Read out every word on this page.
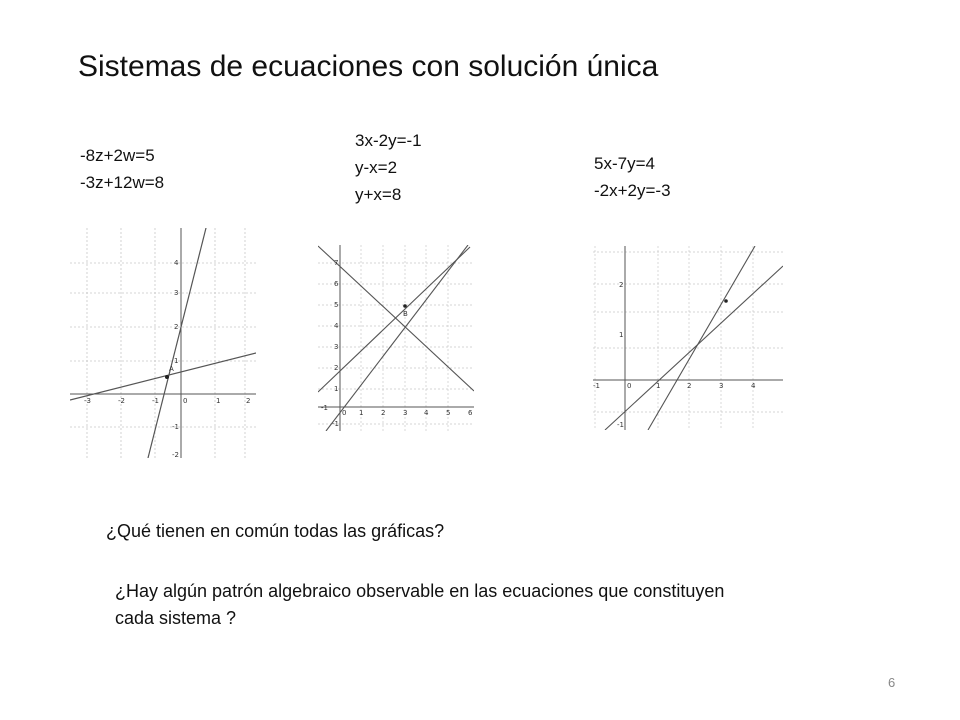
Sistemas de ecuaciones con solución única
-8z+2w=5
-3z+12w=8
3x-2y=-1
y-x=2
y+x=8
5x-7y=4
-2x+2y=-3
A
-3	-2	-1	0	1	2
4
3
2
1
-1
-2
B
-1
0 1	2	3 4	5	6
7
6
5
4
3
2
1
-1
-1	0	1	2	3	4
2
1
-1
¿Qué tienen en común todas las gráficas?
¿Hay algún patrón algebraico observable en las ecuaciones que constituyen cada sistema ?
6
